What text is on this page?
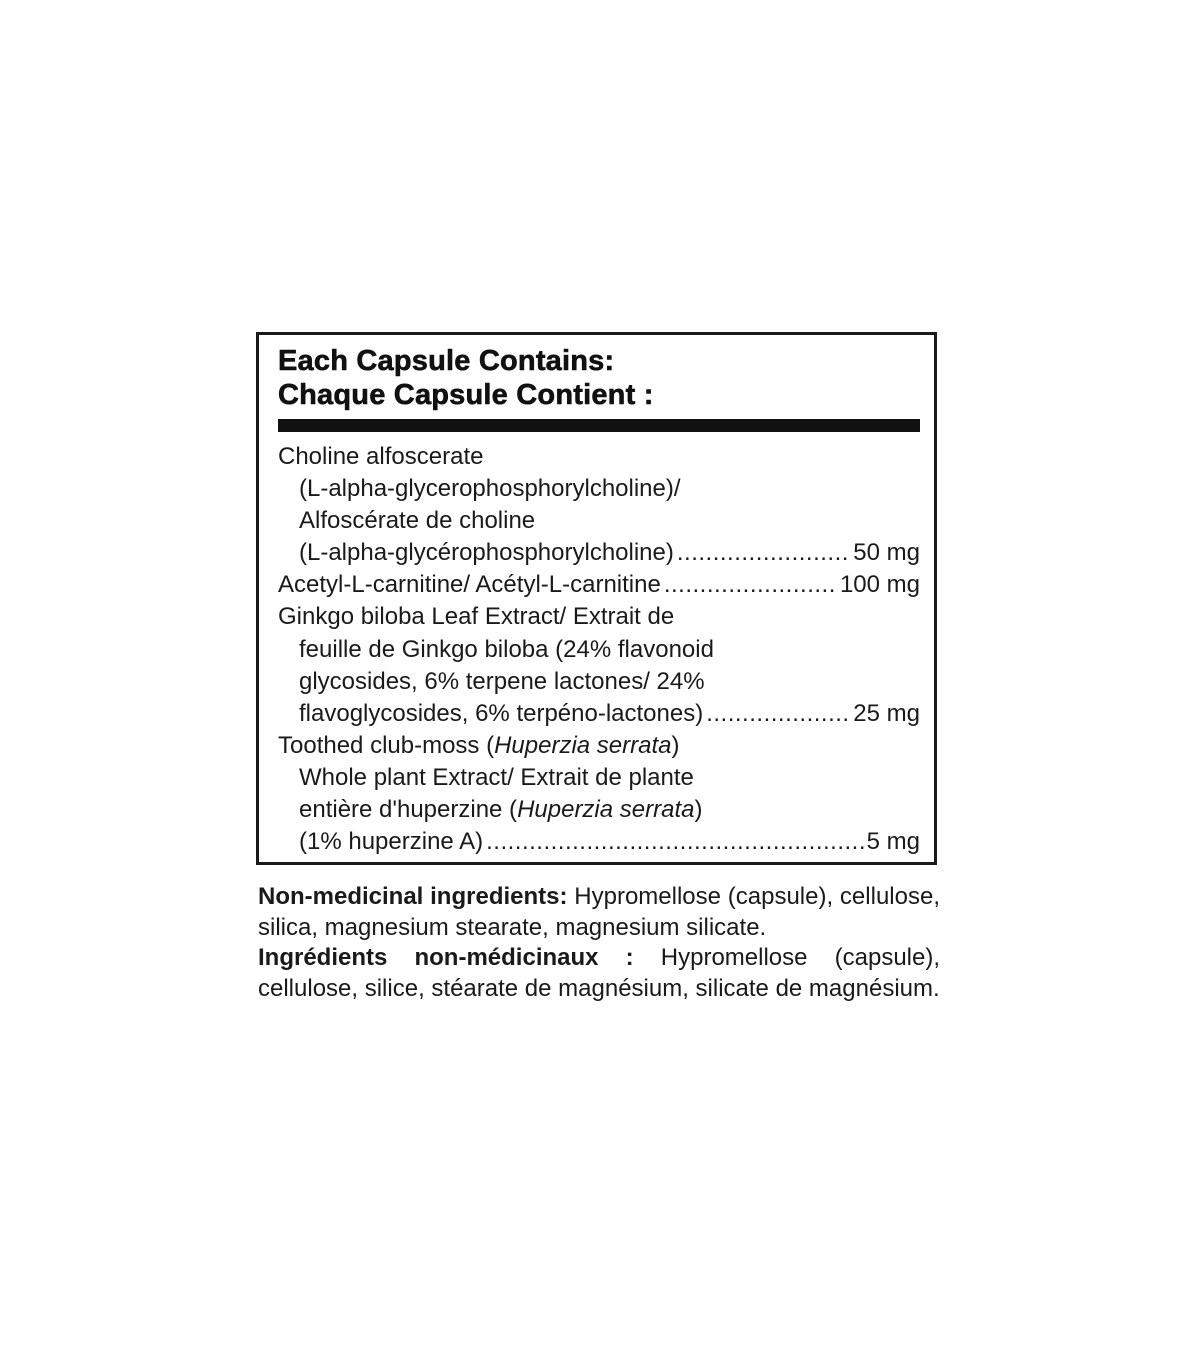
Each Capsule Contains:
Chaque Capsule Contient :
Choline alfoscerate
(L-alpha-glycerophosphorylcholine)/
Alfoscérate de choline
(L-alpha-glycérophosphorylcholine) .....	50 mg
Acetyl-L-carnitine/ Acétyl-L-carnitine .....	100 mg
Ginkgo biloba Leaf Extract/ Extrait de
feuille de Ginkgo biloba (24% flavonoid
glycosides, 6% terpene lactones/ 24%
flavoglycosides, 6% terpéno-lactones) .....	25 mg
Toothed club-moss (Huperzia serrata)
Whole plant Extract/ Extrait de plante
entière d'huperzine (Huperzia serrata)
(1% huperzine A) .....	5 mg

Non-medicinal ingredients: Hypromellose (capsule), cellulose, silica, magnesium stearate, magnesium silicate.

Ingrédients non-médicinaux : Hypromellose (capsule), cellulose, silice, stéarate de magnésium, silicate de magnésium.
